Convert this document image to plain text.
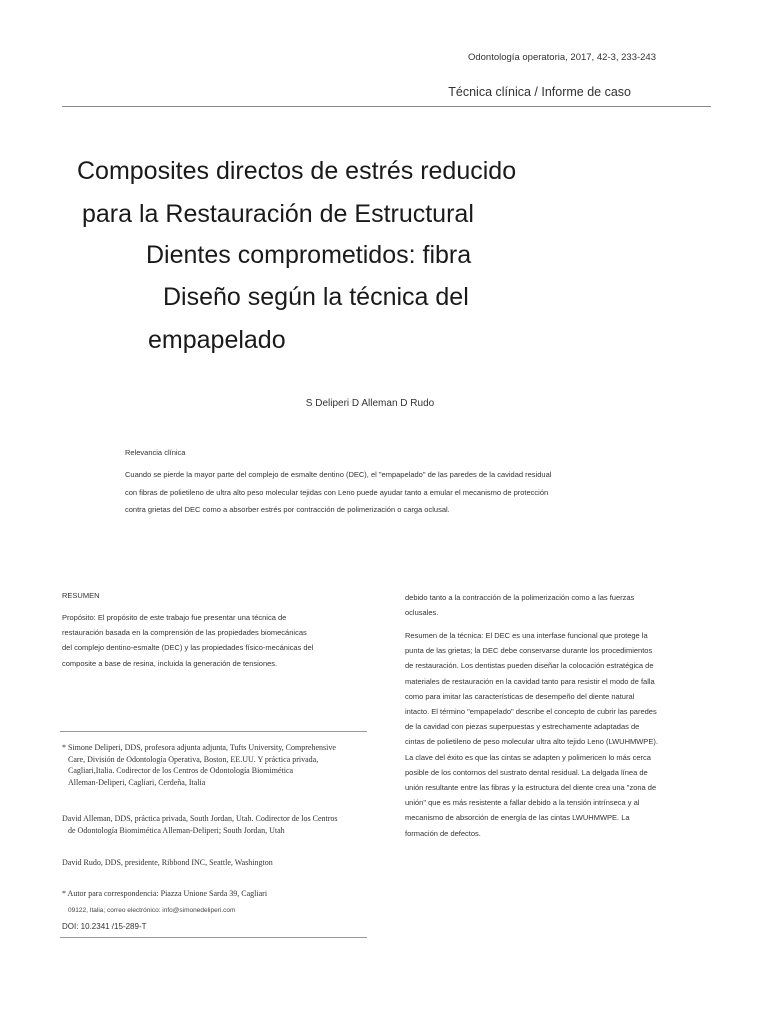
Odontología operatoria, 2017, 42-3, 233-243
Técnica clínica / Informe de caso
Composites directos de estrés reducido
para la Restauración de Estructural
Dientes comprometidos: fibra
Diseño según la técnica del
empapelado
S Deliperi D Alleman D Rudo
Relevancia clínica
Cuando se pierde la mayor parte del complejo de esmalte dentino (DEC), el "empapelado" de las paredes de la cavidad residual
con fibras de polietileno de ultra alto peso molecular tejidas con Leno puede ayudar tanto a emular el mecanismo de protección
contra grietas del DEC como a absorber estrés por contracción de polimerización o carga oclusal.
RESUMEN
Propósito: El propósito de este trabajo fue presentar una técnica de
restauración basada en la comprensión de las propiedades biomecánicas
del complejo dentino-esmalte (DEC) y las propiedades físico-mecánicas del
composite a base de resina, incluida la generación de tensiones.
debido tanto a la contracción de la polimerización como a las fuerzas
oclusales.
Resumen de la técnica: El DEC es una interfase funcional que protege la
punta de las grietas; la DEC debe conservarse durante los procedimientos
de restauración. Los dentistas pueden diseñar la colocación estratégica de
materiales de restauración en la cavidad tanto para resistir el modo de falla
como para imitar las características de desempeño del diente natural
intacto. El término "empapelado" describe el concepto de cubrir las paredes
de la cavidad con piezas superpuestas y estrechamente adaptadas de
cintas de polietileno de peso molecular ultra alto tejido Leno (LWUHMWPE).
La clave del éxito es que las cintas se adapten y polimericen lo más cerca
posible de los contornos del sustrato dental residual. La delgada línea de
unión resultante entre las fibras y la estructura del diente crea una "zona de
unión" que es más resistente a fallar debido a la tensión intrínseca y al
mecanismo de absorción de energía de las cintas LWUHMWPE. La
formación de defectos.
* Simone Deliperi, DDS, profesora adjunta adjunta, Tufts University, Comprehensive
Care, División de Odontología Operativa, Boston, EE.UU. Y práctica privada,
Cagliari,Italia. Codirector de los Centros de Odontología Biomimética
Alleman-Deliperi, Cagliari, Cerdeña, Italia
David Alleman, DDS, práctica privada, South Jordan, Utah. Codirector de los Centros
de Odontología Biomimética Alleman-Deliperi; South Jordan, Utah
David Rudo, DDS, presidente, Ribbond INC, Seattle, Washington
* Autor para correspondencia: Piazza Unione Sarda 39, Cagliari
09122, Italia; correo electrónico: info@simonedeliperi.com
DOI: 10.2341 /15-289-T
